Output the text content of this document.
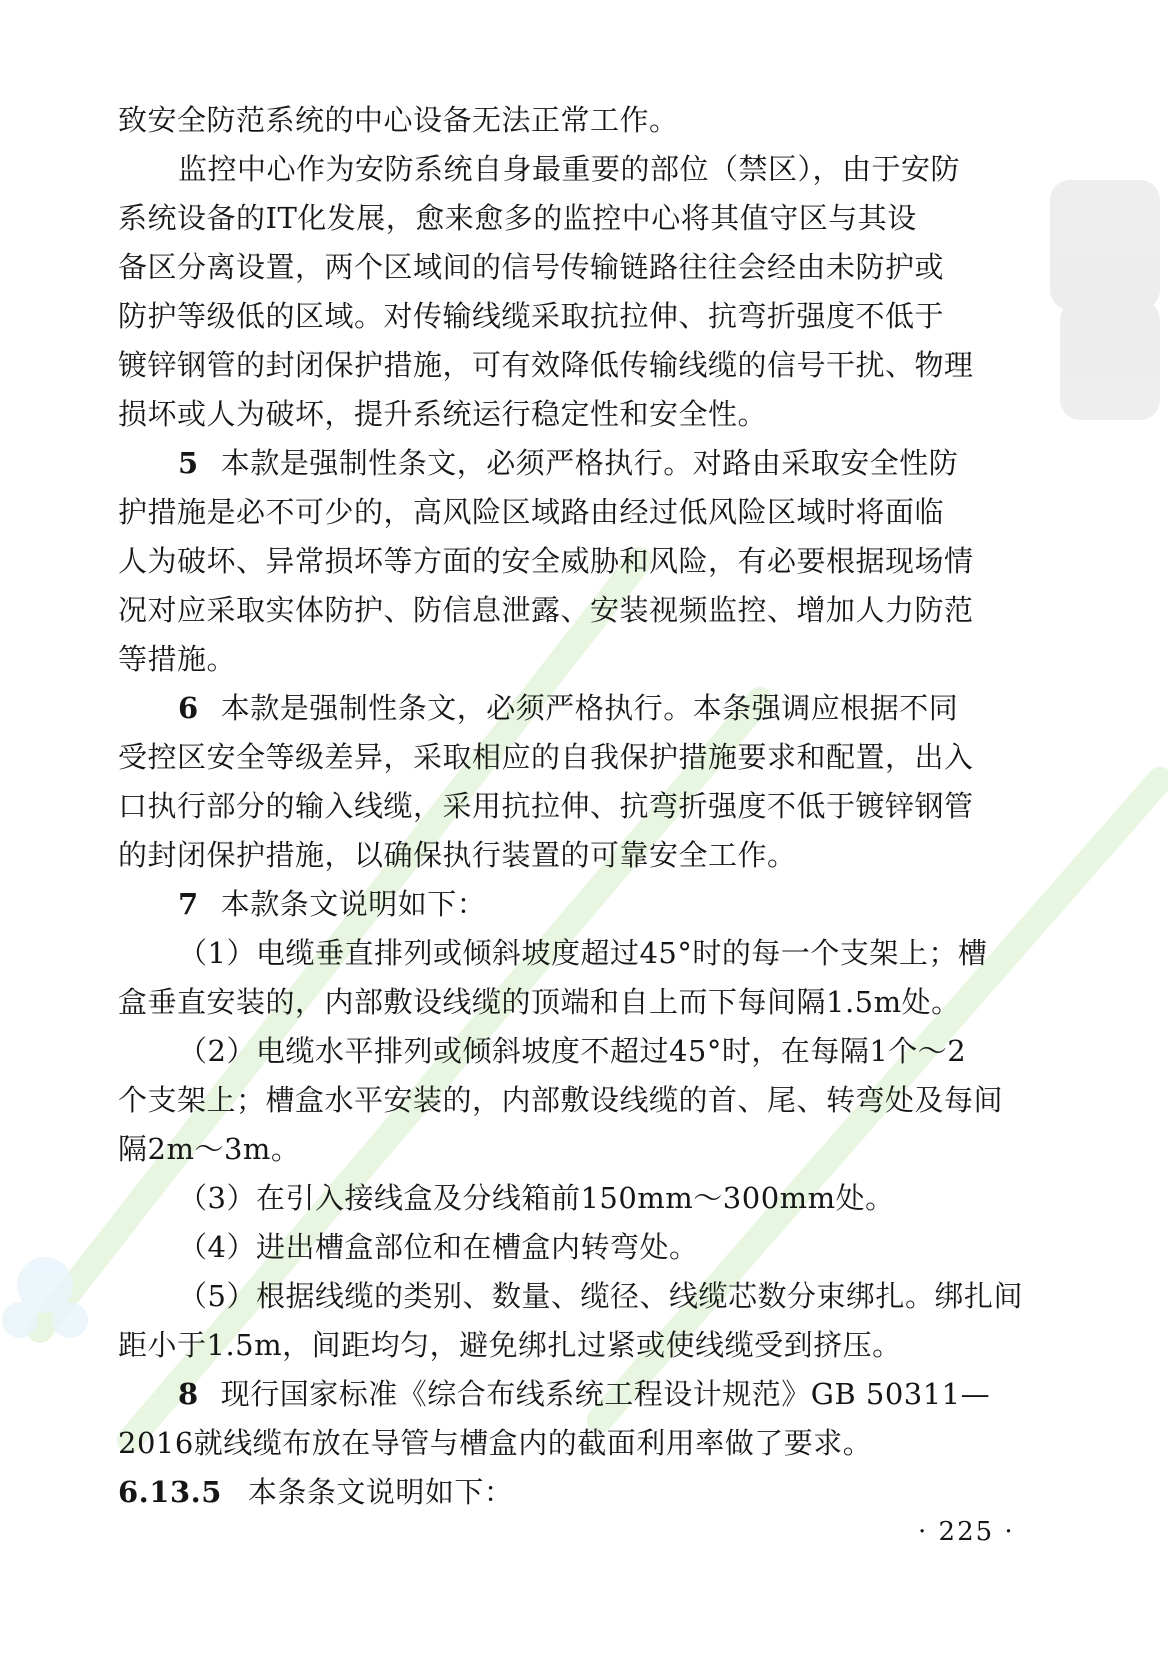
致安全防范系统的中心设备无法正常工作。
监控中心作为安防系统自身最重要的部位（禁区），由于安防
系统设备的IT化发展，愈来愈多的监控中心将其值守区与其设
备区分离设置，两个区域间的信号传输链路往往会经由未防护或
防护等级低的区域。对传输线缆采取抗拉伸、抗弯折强度不低于
镀锌钢管的封闭保护措施，可有效降低传输线缆的信号干扰、物理
损坏或人为破坏，提升系统运行稳定性和安全性。
5 本款是强制性条文，必须严格执行。对路由采取安全性防
护措施是必不可少的，高风险区域路由经过低风险区域时将面临
人为破坏、异常损坏等方面的安全威胁和风险，有必要根据现场情
况对应采取实体防护、防信息泄露、安装视频监控、增加人力防范
等措施。
6 本款是强制性条文，必须严格执行。本条强调应根据不同
受控区安全等级差异，采取相应的自我保护措施要求和配置，出入
口执行部分的输入线缆，采用抗拉伸、抗弯折强度不低于镀锌钢管
的封闭保护措施，以确保执行装置的可靠安全工作。
7 本款条文说明如下：
（1）电缆垂直排列或倾斜坡度超过45°时的每一个支架上；槽
盒垂直安装的，内部敷设线缆的顶端和自上而下每间隔1.5m处。
（2）电缆水平排列或倾斜坡度不超过45°时，在每隔1个～2
个支架上；槽盒水平安装的，内部敷设线缆的首、尾、转弯处及每间
隔2m～3m。
（3）在引入接线盒及分线箱前150mm～300mm处。
（4）进出槽盒部位和在槽盒内转弯处。
（5）根据线缆的类别、数量、缆径、线缆芯数分束绑扎。绑扎间
距小于1.5m，间距均匀，避免绑扎过紧或使线缆受到挤压。
8 现行国家标准《综合布线系统工程设计规范》GB 50311—
2016就线缆布放在导管与槽盒内的截面利用率做了要求。
6.13.5 本条条文说明如下：
· 225 ·
